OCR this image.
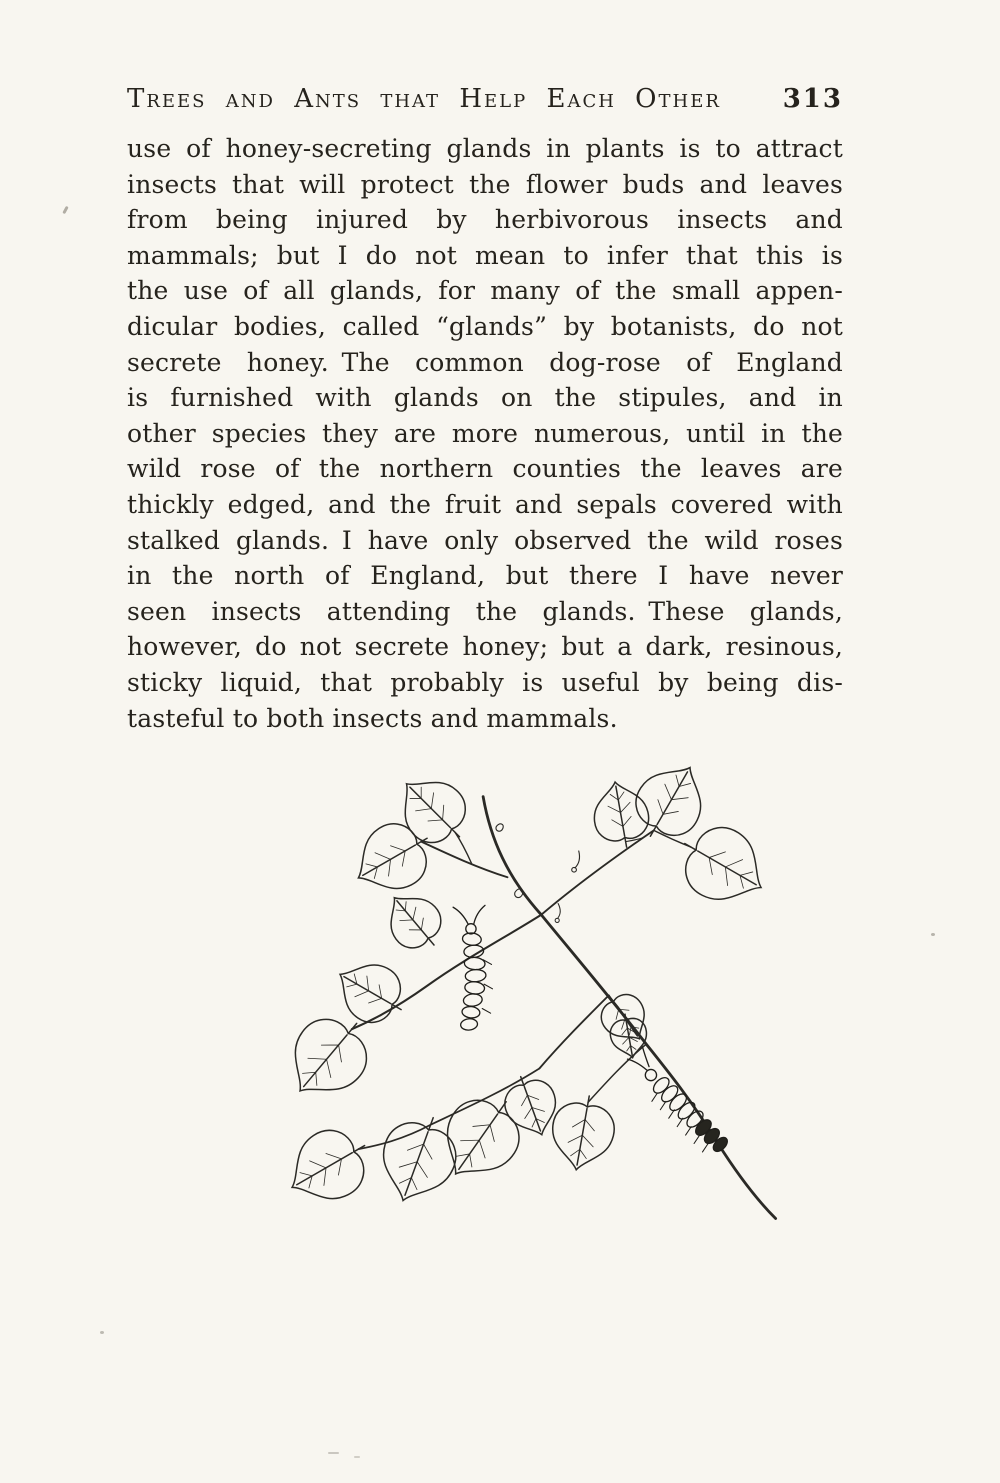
Trees and Ants that Help Each Other 313
use of honey-secreting glands in plants is to attract
insects that will protect the flower buds and leaves
from being injured by herbivorous insects and
mammals; but I do not mean to infer that this is
the use of all glands, for many of the small appen-
dicular bodies, called “glands” by botanists, do not
secrete honey. The common dog-rose of England
is furnished with glands on the stipules, and in
other species they are more numerous, until in the
wild rose of the northern counties the leaves are
thickly edged, and the fruit and sepals covered with
stalked glands. I have only observed the wild roses
in the north of England, but there I have never
seen insects attending the glands. These glands,
however, do not secrete honey; but a dark, resinous,
sticky liquid, that probably is useful by being dis-
tasteful to both insects and mammals.
